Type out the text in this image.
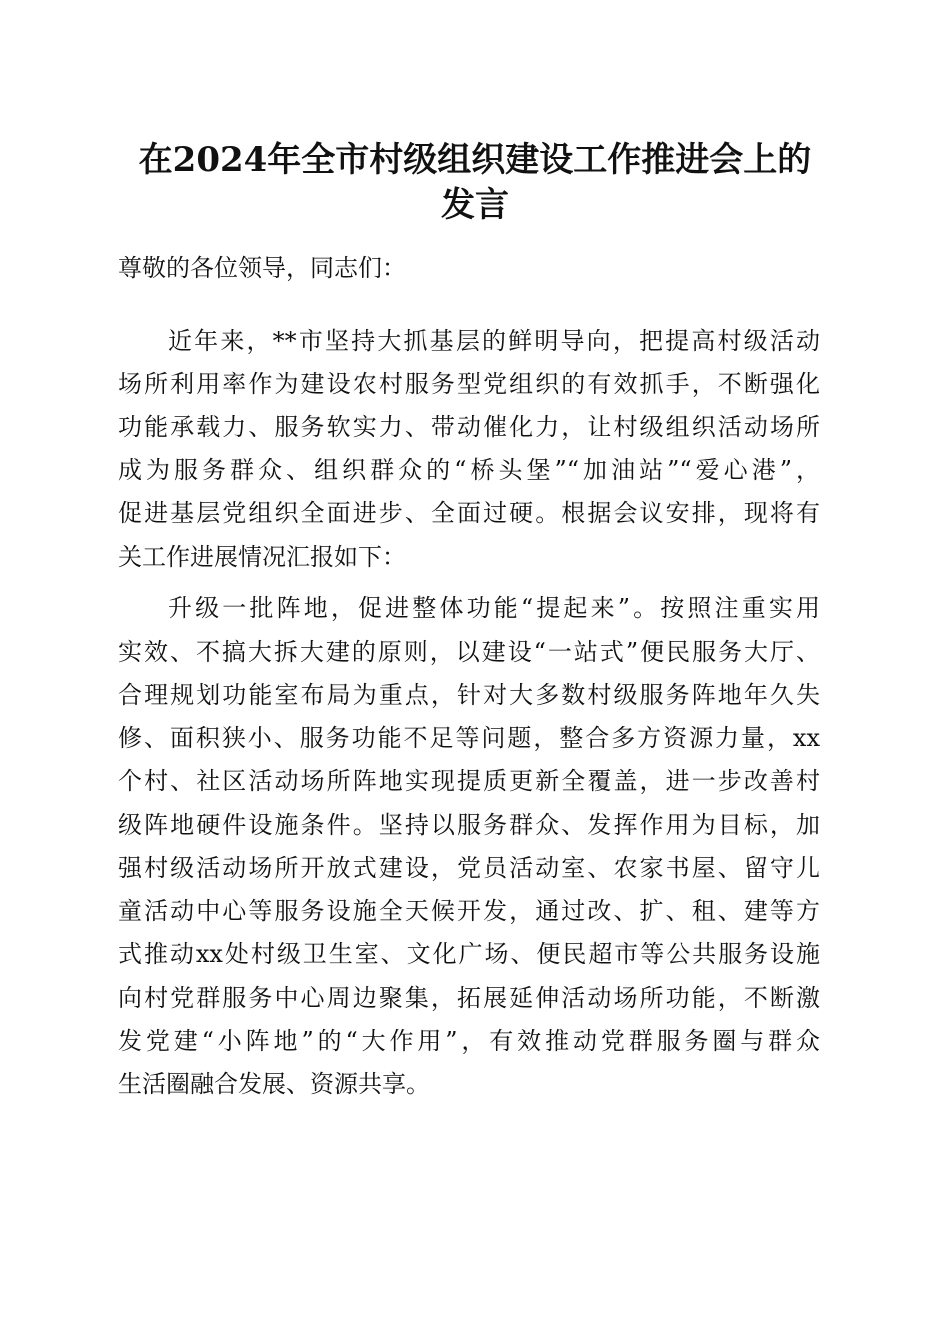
在2024年全市村级组织建设工作推进会上的
发言
尊敬的各位领导，同志们：
近年来，**市坚持大抓基层的鲜明导向，把提高村级活动
场所利用率作为建设农村服务型党组织的有效抓手，不断强化
功能承载力、服务软实力、带动催化力，让村级组织活动场所
成为服务群众、组织群众的“桥头堡”“加油站”“爱心港”，
促进基层党组织全面进步、全面过硬。根据会议安排，现将有
关工作进展情况汇报如下：
升级一批阵地，促进整体功能“提起来”。按照注重实用
实效、不搞大拆大建的原则，以建设“一站式”便民服务大厅、
合理规划功能室布局为重点，针对大多数村级服务阵地年久失
修、面积狭小、服务功能不足等问题，整合多方资源力量，xx
个村、社区活动场所阵地实现提质更新全覆盖，进一步改善村
级阵地硬件设施条件。坚持以服务群众、发挥作用为目标，加
强村级活动场所开放式建设，党员活动室、农家书屋、留守儿
童活动中心等服务设施全天候开发，通过改、扩、租、建等方
式推动xx处村级卫生室、文化广场、便民超市等公共服务设施
向村党群服务中心周边聚集，拓展延伸活动场所功能，不断激
发党建“小阵地”的“大作用”，有效推动党群服务圈与群众
生活圈融合发展、资源共享。
